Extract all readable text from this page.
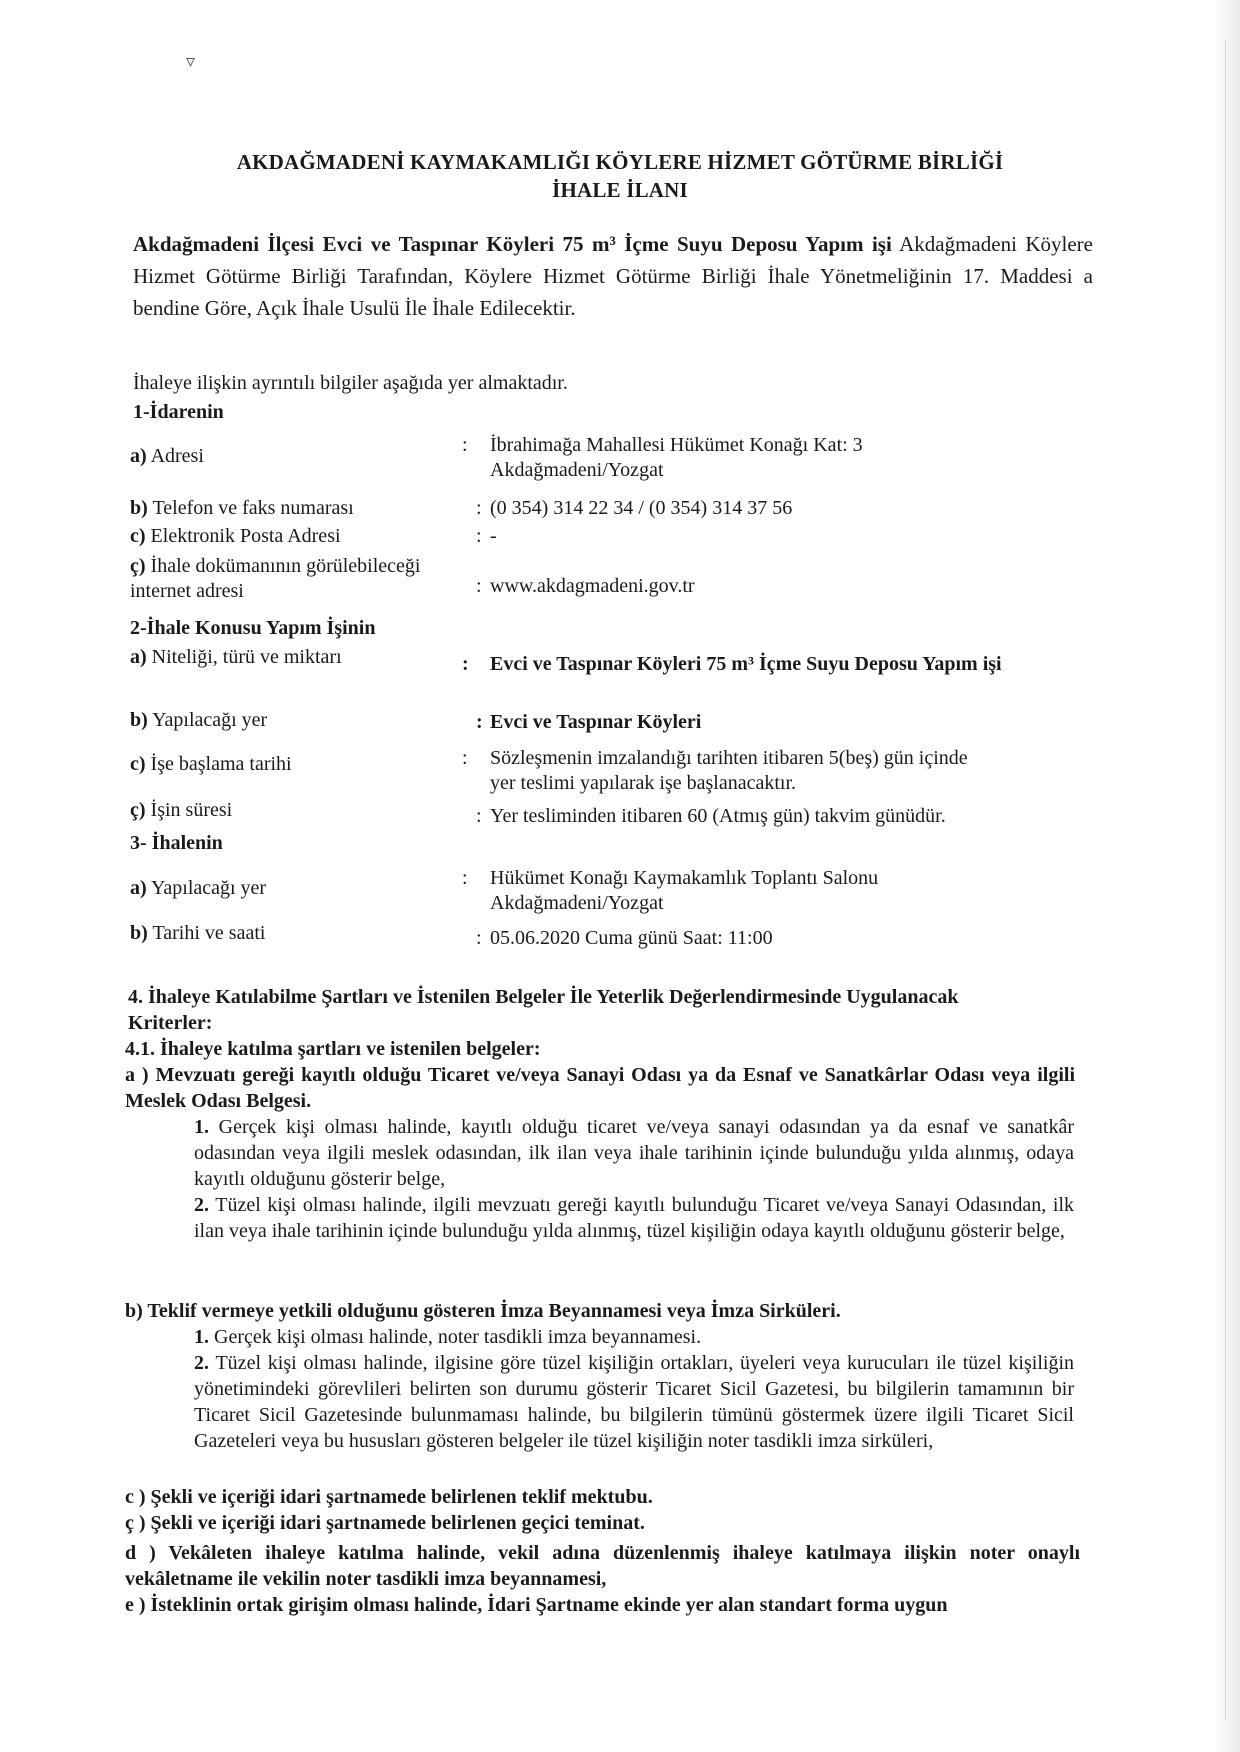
▿
AKDAĞMADENİ KAYMAKAMLIĞI KÖYLERE HİZMET GÖTÜRME BİRLİĞİ
İHALE İLANI
Akdağmadeni İlçesi Evci ve Taspınar Köyleri 75 m³ İçme Suyu Deposu Yapım işi Akdağmadeni Köylere Hizmet Götürme Birliği Tarafından, Köylere Hizmet Götürme Birliği İhale Yönetmeliğinin 17. Maddesi a bendine Göre, Açık İhale Usulü İle İhale Edilecektir.
İhaleye ilişkin ayrıntılı bilgiler aşağıda yer almaktadır.
1-İdarenin
a) Adresi	: İbrahimağa Mahallesi Hükümet Konağı Kat: 3
Akdağmadeni/Yozgat
b) Telefon ve faks numarası	: (0 354) 314 22 34 / (0 354) 314 37 56
c) Elektronik Posta Adresi	: -
ç) İhale dokümanının görülebileceği internet adresi	: www.akdagmadeni.gov.tr
2-İhale Konusu Yapım İşinin
a) Niteliği, türü ve miktarı	: Evci ve Taspınar Köyleri 75 m³ İçme Suyu Deposu Yapım işi
b) Yapılacağı yer	: Evci ve Taspınar Köyleri
c) İşe başlama tarihi	: Sözleşmenin imzalandığı tarihten itibaren 5(beş) gün içinde
yer teslimi yapılarak işe başlanacaktır.
ç) İşin süresi	: Yer tesliminden itibaren 60 (Atmış gün) takvim günüdür.
3- İhalenin
a) Yapılacağı yer	: Hükümet Konağı Kaymakamlık Toplantı Salonu
Akdağmadeni/Yozgat
b) Tarihi ve saati	: 05.06.2020 Cuma günü Saat: 11:00
4. İhaleye Katılabilme Şartları ve İstenilen Belgeler İle Yeterlik Değerlendirmesinde Uygulanacak Kriterler:
4.1. İhaleye katılma şartları ve istenilen belgeler:
a ) Mevzuatı gereği kayıtlı olduğu Ticaret ve/veya Sanayi Odası ya da Esnaf ve Sanatkârlar Odası veya ilgili Meslek Odası Belgesi.
1. Gerçek kişi olması halinde, kayıtlı olduğu ticaret ve/veya sanayi odasından ya da esnaf ve sanatkâr odasından veya ilgili meslek odasından, ilk ilan veya ihale tarihinin içinde bulunduğu yılda alınmış, odaya kayıtlı olduğunu gösterir belge,
2. Tüzel kişi olması halinde, ilgili mevzuatı gereği kayıtlı bulunduğu Ticaret ve/veya Sanayi Odasından, ilk ilan veya ihale tarihinin içinde bulunduğu yılda alınmış, tüzel kişiliğin odaya kayıtlı olduğunu gösterir belge,
b) Teklif vermeye yetkili olduğunu gösteren İmza Beyannamesi veya İmza Sirküleri.
1. Gerçek kişi olması halinde, noter tasdikli imza beyannamesi.
2. Tüzel kişi olması halinde, ilgisine göre tüzel kişiliğin ortakları, üyeleri veya kurucuları ile tüzel kişiliğin yönetimindeki görevlileri belirten son durumu gösterir Ticaret Sicil Gazetesi, bu bilgilerin tamamının bir Ticaret Sicil Gazetesinde bulunmaması halinde, bu bilgilerin tümünü göstermek üzere ilgili Ticaret Sicil Gazeteleri veya bu hususları gösteren belgeler ile tüzel kişiliğin noter tasdikli imza sirküleri,
c ) Şekli ve içeriği idari şartnamede belirlenen teklif mektubu.
ç ) Şekli ve içeriği idari şartnamede belirlenen geçici teminat.
d ) Vekâleten ihaleye katılma halinde, vekil adına düzenlenmiş ihaleye katılmaya ilişkin noter onaylı vekâletname ile vekilin noter tasdikli imza beyannamesi,
e ) İsteklinin ortak girişim olması halinde, İdari Şartname ekinde yer alan standart forma uygun
